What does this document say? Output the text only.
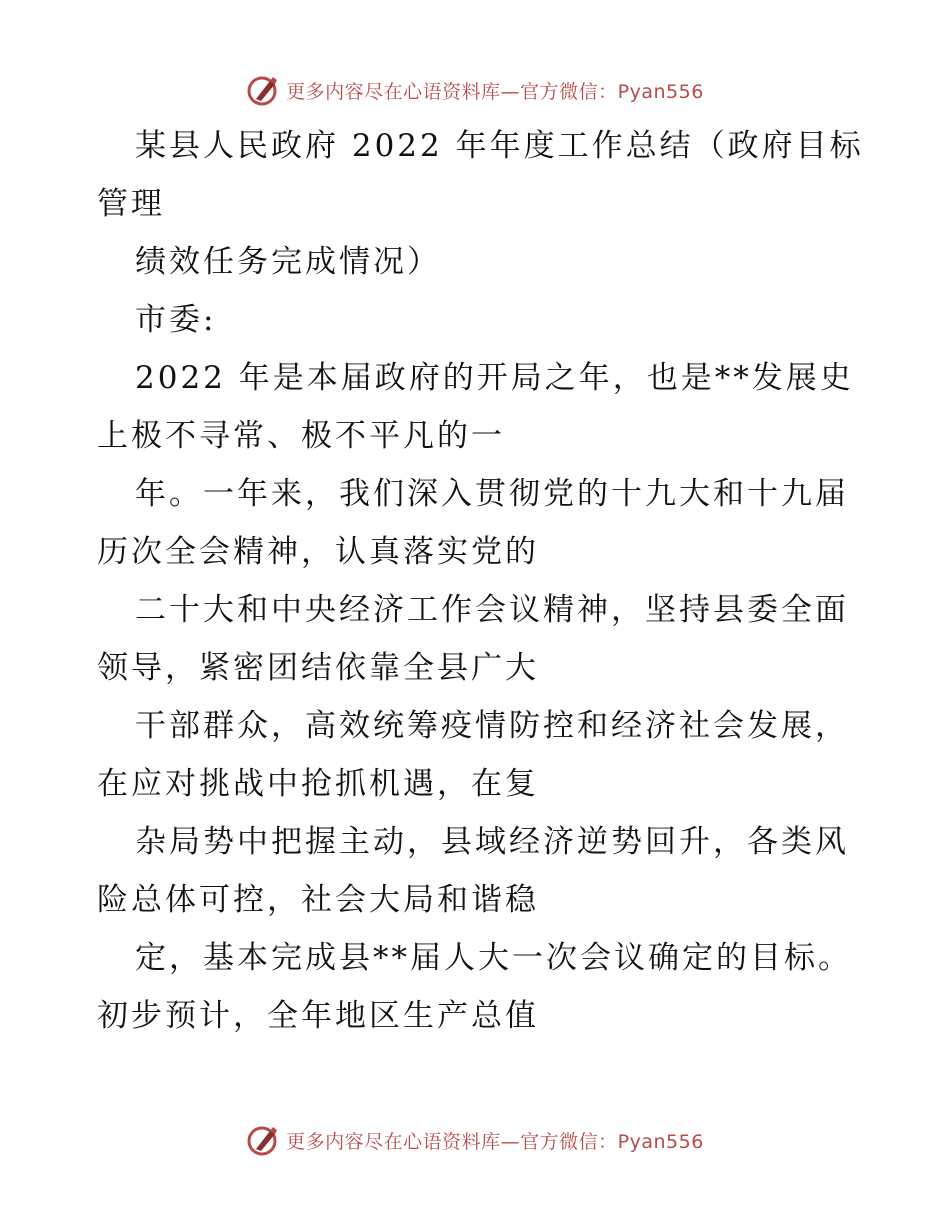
更多内容尽在心语资料库—官方微信：Pyan556
某县人民政府 2022 年年度工作总结（政府目标
管理
绩效任务完成情况）
市委:
2022 年是本届政府的开局之年，也是**发展史
上极不寻常、极不平凡的一
年。一年来，我们深入贯彻党的十九大和十九届
历次全会精神，认真落实党的
二十大和中央经济工作会议精神，坚持县委全面
领导，紧密团结依靠全县广大
干部群众，高效统筹疫情防控和经济社会发展，
在应对挑战中抢抓机遇，在复
杂局势中把握主动，县域经济逆势回升，各类风
险总体可控，社会大局和谐稳
定，基本完成县**届人大一次会议确定的目标。
初步预计，全年地区生产总值
更多内容尽在心语资料库—官方微信：Pyan556
